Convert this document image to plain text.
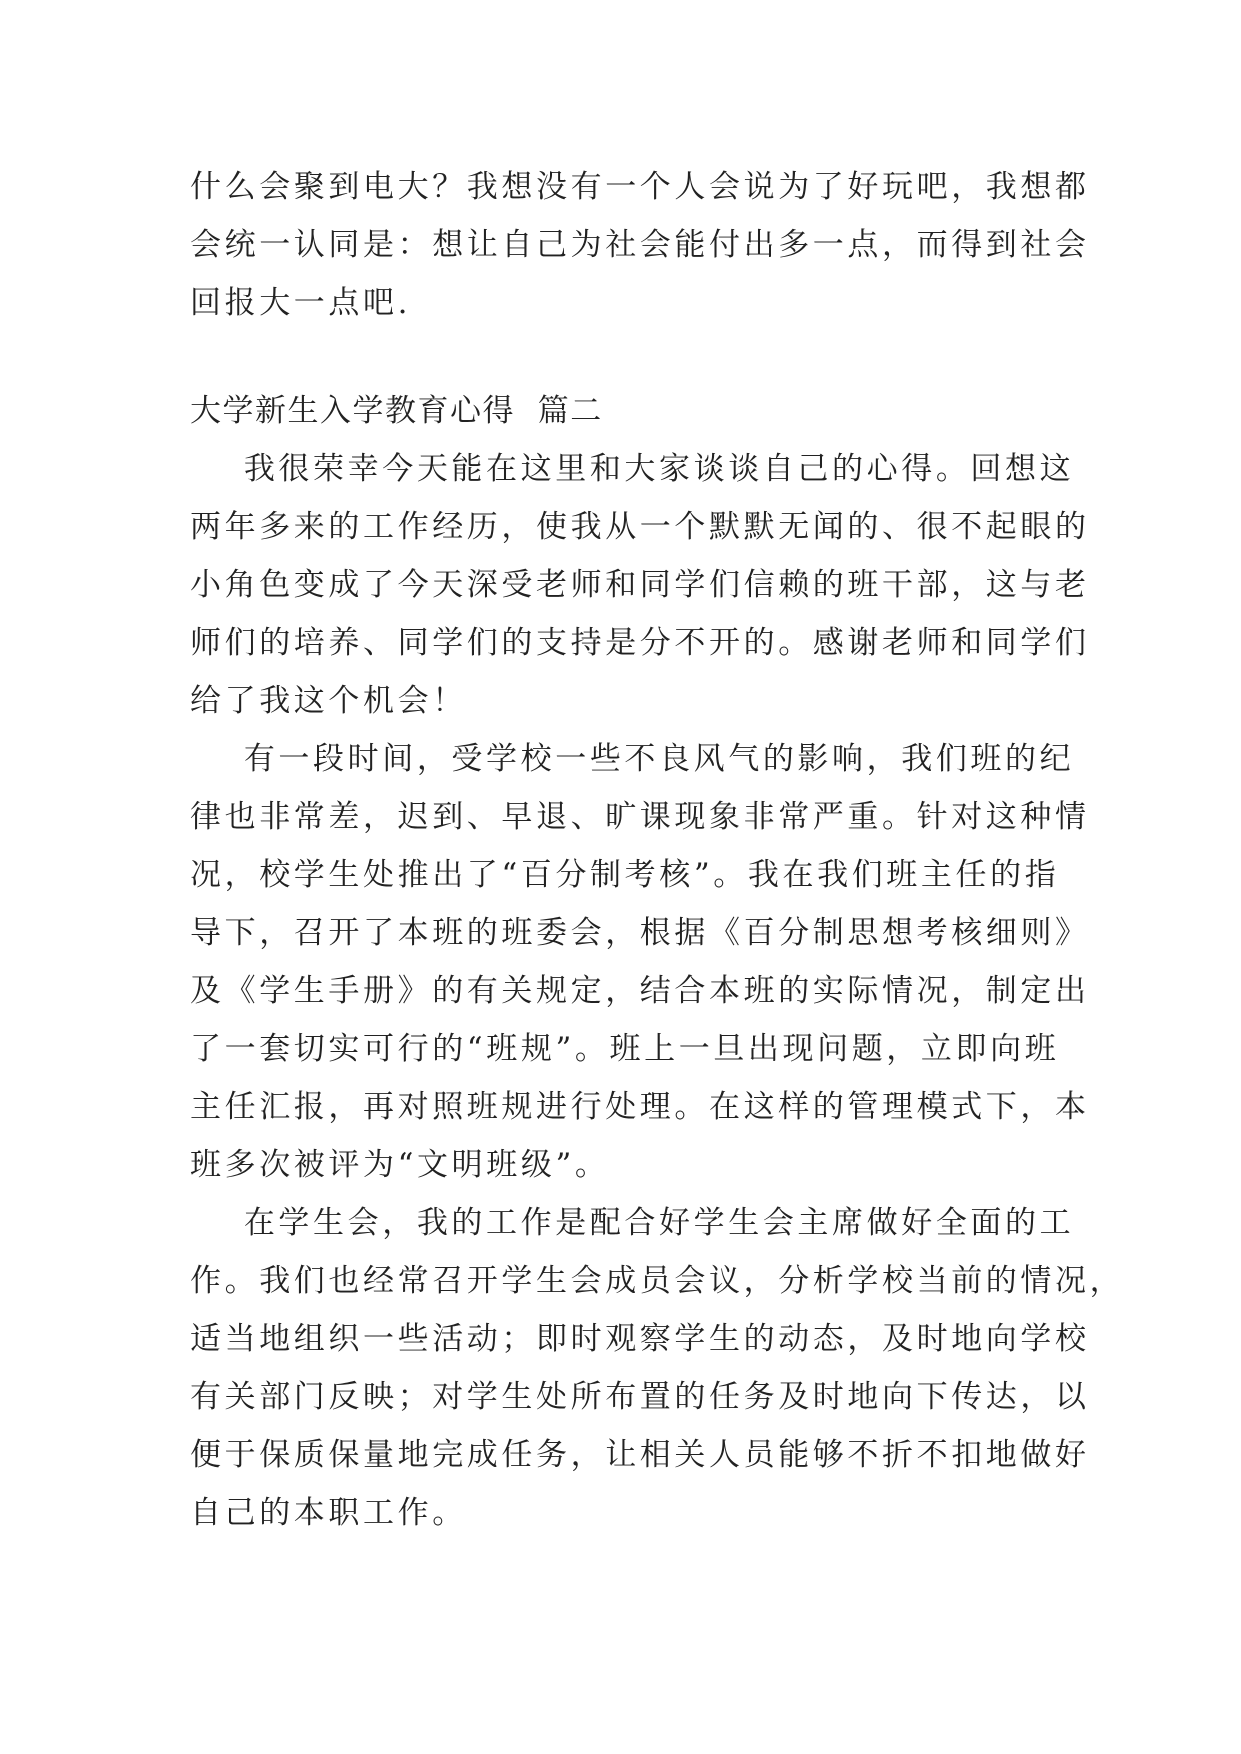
什么会聚到电大？我想没有一个人会说为了好玩吧，我想都
会统一认同是：想让自己为社会能付出多一点，而得到社会
回报大一点吧.
大学新生入学教育心得  篇二
我很荣幸今天能在这里和大家谈谈自己的心得。回想这
两年多来的工作经历，使我从一个默默无闻的、很不起眼的
小角色变成了今天深受老师和同学们信赖的班干部，这与老
师们的培养、同学们的支持是分不开的。感谢老师和同学们
给了我这个机会！
有一段时间，受学校一些不良风气的影响，我们班的纪
律也非常差，迟到、早退、旷课现象非常严重。针对这种情
况，校学生处推出了“百分制考核”。我在我们班主任的指
导下，召开了本班的班委会，根据《百分制思想考核细则》
及《学生手册》的有关规定，结合本班的实际情况，制定出
了一套切实可行的“班规”。班上一旦出现问题，立即向班
主任汇报，再对照班规进行处理。在这样的管理模式下，本
班多次被评为“文明班级”。
在学生会，我的工作是配合好学生会主席做好全面的工
作。我们也经常召开学生会成员会议，分析学校当前的情况，
适当地组织一些活动；即时观察学生的动态，及时地向学校
有关部门反映；对学生处所布置的任务及时地向下传达，以
便于保质保量地完成任务，让相关人员能够不折不扣地做好
自己的本职工作。
